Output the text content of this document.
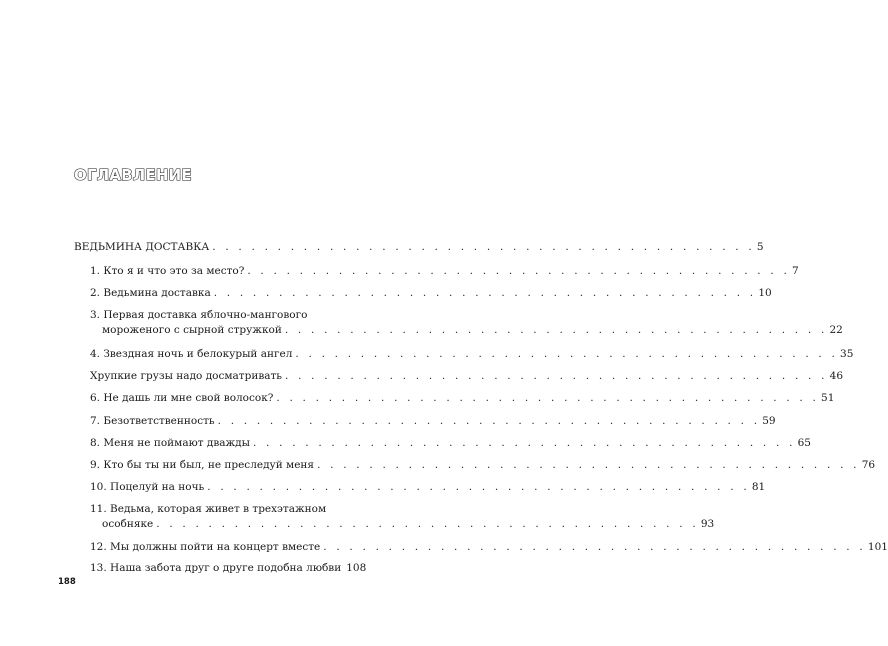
ОГЛАВЛЕНИЕ
ВЕДЬМИНА ДОСТАВКА . . . . . . . . . . . . . . . . . . . . . . . . . . . . . . . . . . . . . . . . . . 5
1. Кто я и что это за место? . . . . . . . . . . . . . . . . . . . . . . . . . . . . . . . . . . . . . . . . . . 7
2. Ведьмина доставка . . . . . . . . . . . . . . . . . . . . . . . . . . . . . . . . . . . . . . . . . . 10
3. Первая доставка яблочно-мангового
мороженого с сырной стружкой . . . . . . . . . . . . . . . . . . . . . . . . . . . . . . . . . . . . . . . . . . 22
4. Звездная ночь и белокурый ангел . . . . . . . . . . . . . . . . . . . . . . . . . . . . . . . . . . . . . . . . . . 35
Хрупкие грузы надо досматривать . . . . . . . . . . . . . . . . . . . . . . . . . . . . . . . . . . . . . . . . . . 46
6. Не дашь ли мне свой волосок? . . . . . . . . . . . . . . . . . . . . . . . . . . . . . . . . . . . . . . . . . . 51
7. Безответственность . . . . . . . . . . . . . . . . . . . . . . . . . . . . . . . . . . . . . . . . . . 59
8. Меня не поймают дважды . . . . . . . . . . . . . . . . . . . . . . . . . . . . . . . . . . . . . . . . . . 65
9. Кто бы ты ни был, не преследуй меня . . . . . . . . . . . . . . . . . . . . . . . . . . . . . . . . . . . . . . . . . . 76
10. Поцелуй на ночь . . . . . . . . . . . . . . . . . . . . . . . . . . . . . . . . . . . . . . . . . . 81
11. Ведьма, которая живет в трехэтажном
особняке . . . . . . . . . . . . . . . . . . . . . . . . . . . . . . . . . . . . . . . . . . 93
12. Мы должны пойти на концерт вместе . . . . . . . . . . . . . . . . . . . . . . . . . . . . . . . . . . . . . . . . . . 101
13. Наша забота друг о друге подобна любви 108
188
